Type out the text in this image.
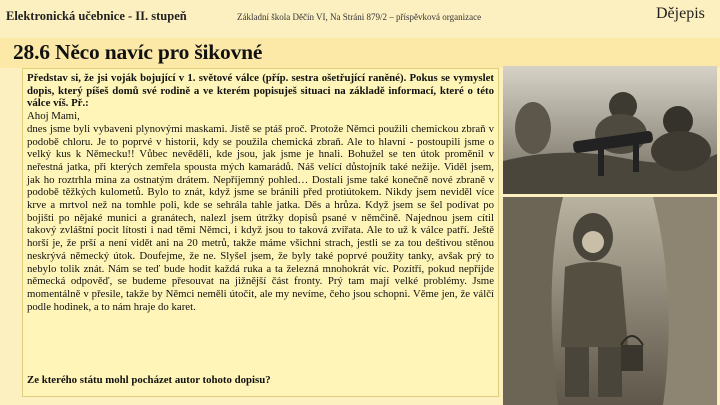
Elektronická učebnice - II. stupeň	Základní škola Děčín VI, Na Stráni 879/2 – příspěvková organizace	Dějepis
28.6 Něco navíc pro šikovné
Představ si, že jsi voják bojující v 1. světové válce (příp. sestra ošetřující raněné). Pokus se vymyslet dopis, který píšeš domů své rodině a ve kterém popisuješ situaci na základě informací, které o této válce víš. Př.:
Ahoj Mami,
dnes jsme byli vybaveni plynovými maskami. Jistě se ptáš proč. Protože Němci použili chemickou zbraň v podobě chloru. Je to poprvé v historii, kdy se použila chemická zbraň. Ale to hlavní - postoupili jsme o velký kus k Německu!! Vůbec nevěděli, kde jsou, jak jsme je hnali. Bohužel se ten útok proměnil v neřestná jatka, při kterých zemřela spousta mých kamarádů. Náš velící důstojník také nežije. Viděl jsem, jak ho roztrhla mina za ostnatým drátem. Nepříjemný pohled… Dostali jsme také konečně nové zbraně v podobě těžkých kulometů. Bylo to znát, když jsme se bránili před protiútokem. Nikdy jsem neviděl více krve a mrtvol než na tomhle poli, kde se sehrála tahle jatka. Děs a hrůza. Když jsem se šel podívat po bojišti po nějaké munici a granátech, nalezl jsem útržky dopisů psané v němčině. Najednou jsem cítil takový zvláštní pocit lítosti i nad těmi Němci, i když jsou to taková zvířata. Ale to už k válce patří. Ještě horší je, že prší a není vidět ani na 20 metrů, takže máme všichni strach, jestli se za tou deštivou stěnou neskrývá německý útok. Doufejme, že ne. Slyšel jsem, že byly také poprvé použity tanky, avšak prý to nebylo tolik znát. Nám se teď bude hodit každá ruka a ta železná mnohokrát víc. Pozítří, pokud nepřijde německá odpověď, se budeme přesouvat na jižnější část fronty. Prý tam mají velké problémy. Jsme momentálně v přesile, takže by Němci neměli útočit, ale my nevíme, čeho jsou schopni. Věme jen, že válčí podle hodinek, a to nám hraje do karet.
Ze kterého státu mohl pocházet autor tohoto dopisu?
